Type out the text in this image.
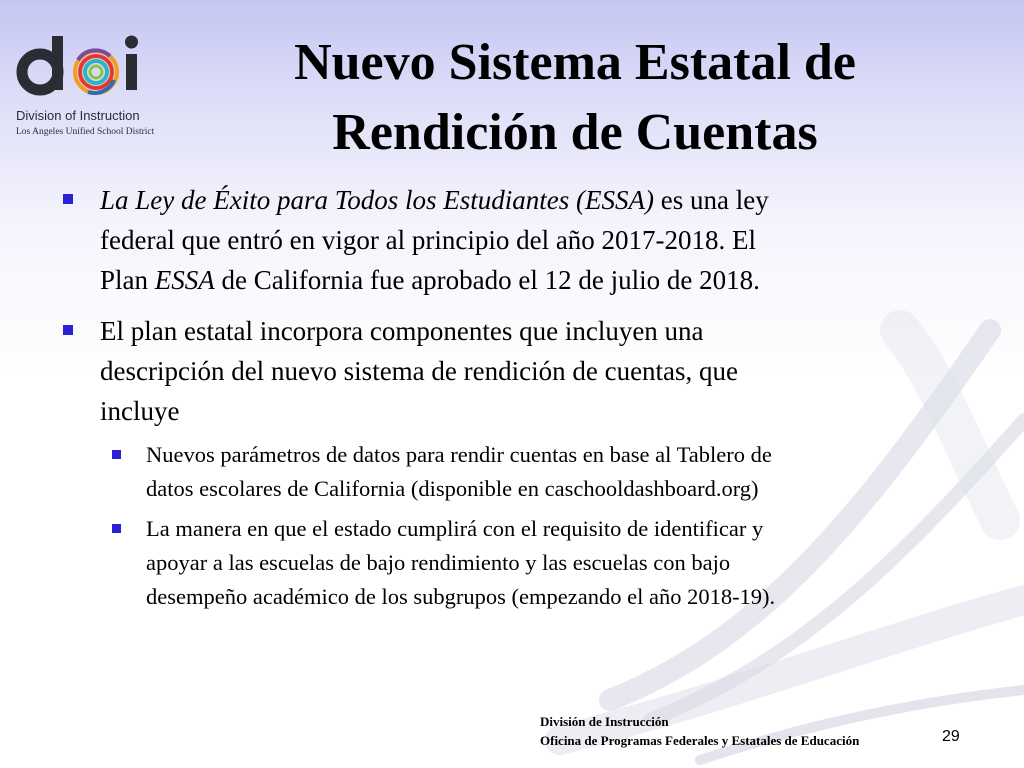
Division of Instruction
Los Angeles Unified School District
Nuevo Sistema Estatal de
Rendición de Cuentas
La Ley de Éxito para Todos los Estudiantes (ESSA) es una ley
federal que entró en vigor al principio del año 2017-2018. El
Plan ESSA de California fue aprobado el 12 de julio de 2018.
El plan estatal incorpora componentes que incluyen una
descripción del nuevo sistema de rendición de cuentas, que
incluye
Nuevos parámetros de datos para rendir cuentas en base al Tablero de
datos escolares de California (disponible en caschooldashboard.org)
La manera en que el estado cumplirá con el requisito de identificar y
apoyar a las escuelas de bajo rendimiento y las escuelas con bajo
desempeño académico de los subgrupos (empezando el año 2018-19).
División de Instrucción
Oficina de Programas Federales y Estatales de Educación	29
